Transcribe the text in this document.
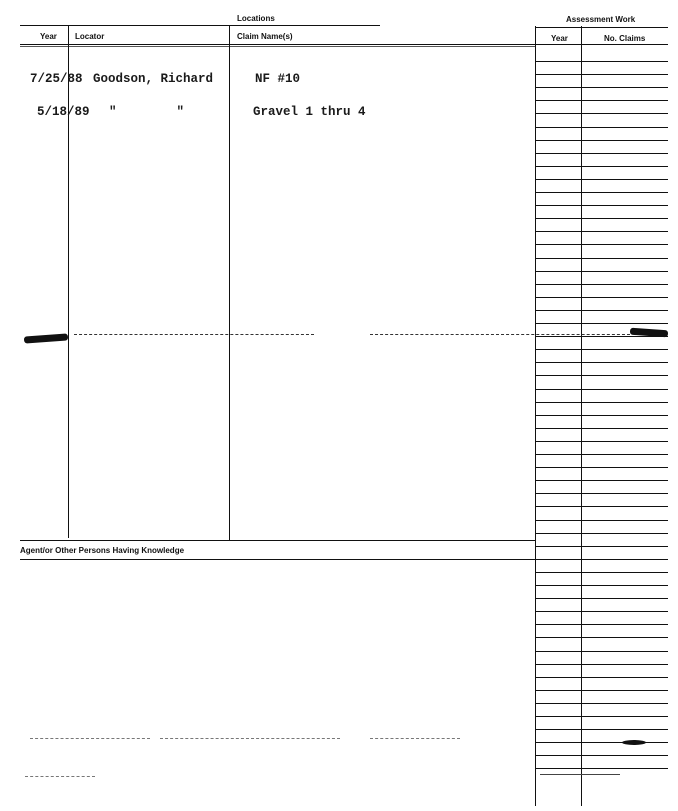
Locations	Assessment Work
Year Locator	Claim Name(s)	Year	No. Claims
7/25/88 Goodson, Richard	NF #10
5/18/89 "        "	Gravel 1 thru 4
Agent/or Other Persons Having Knowledge
